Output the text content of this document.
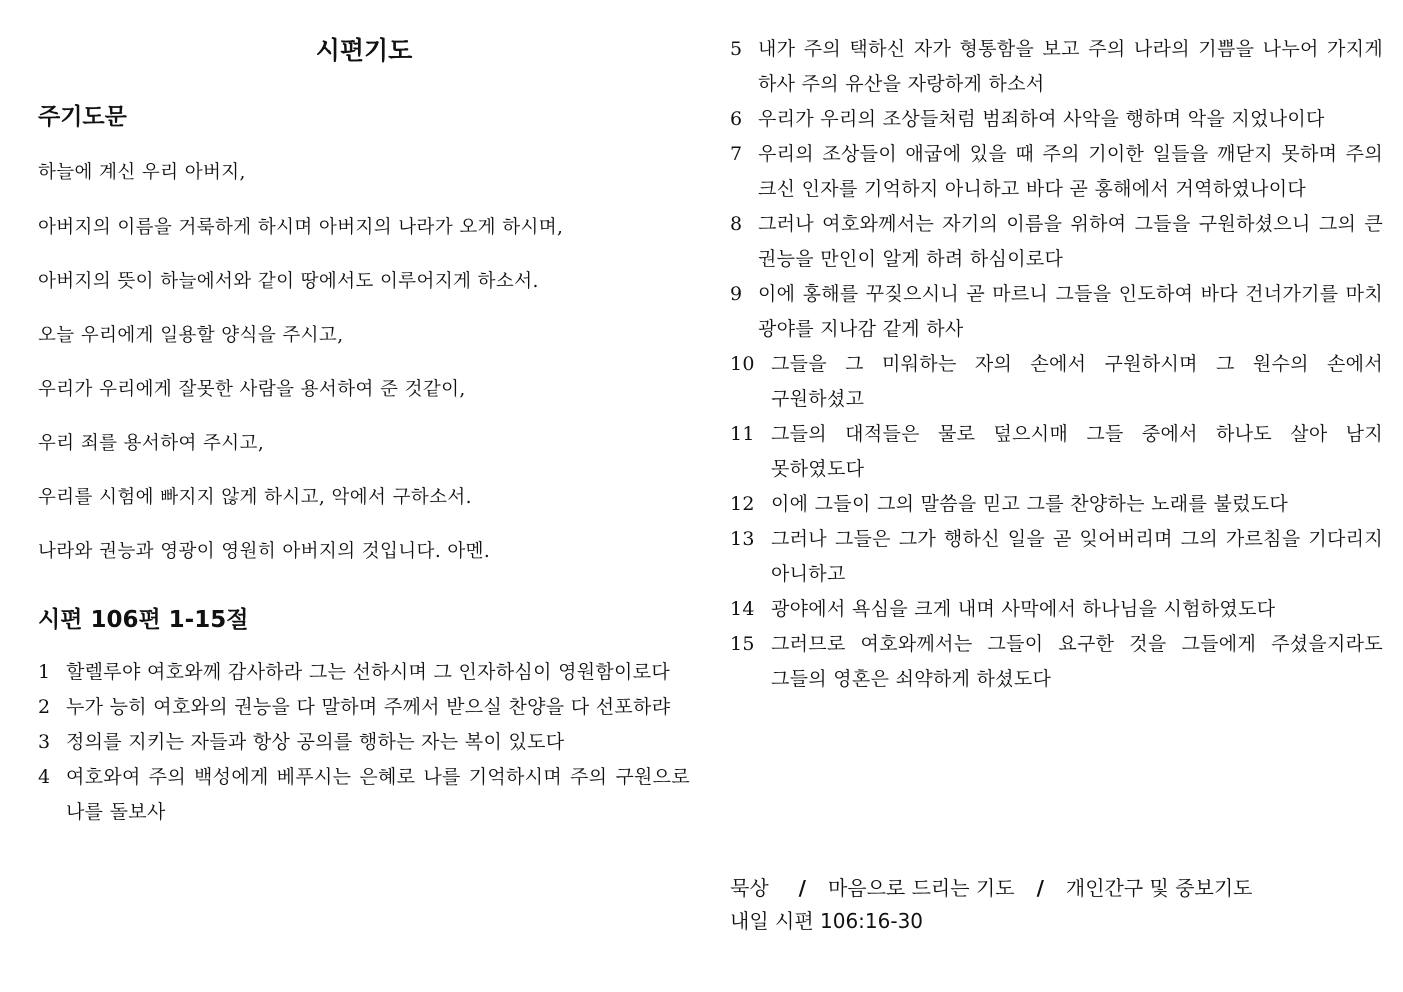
시편기도
주기도문

하늘에 계신 우리 아버지,

아버지의 이름을 거룩하게 하시며 아버지의 나라가 오게 하시며,

아버지의 뜻이 하늘에서와 같이 땅에서도 이루어지게 하소서.

오늘 우리에게 일용할 양식을 주시고,

우리가 우리에게 잘못한 사람을 용서하여 준 것같이,

우리 죄를 용서하여 주시고,

우리를 시험에 빠지지 않게 하시고, 악에서 구하소서.

나라와 권능과 영광이 영원히 아버지의 것입니다. 아멘.

시편 106편 1-15절
1 할렐루야 여호와께 감사하라 그는 선하시며 그 인자하심이 영원함이로다
2 누가 능히 여호와의 권능을 다 말하며 주께서 받으실 찬양을 다 선포하랴
3 정의를 지키는 자들과 항상 공의를 행하는 자는 복이 있도다
4 여호와여 주의 백성에게 베푸시는 은혜로 나를 기억하시며 주의 구원으로 나를 돌보사
5 내가 주의 택하신 자가 형통함을 보고 주의 나라의 기쁨을 나누어 가지게 하사 주의 유산을 자랑하게 하소서
6 우리가 우리의 조상들처럼 범죄하여 사악을 행하며 악을 지었나이다
7 우리의 조상들이 애굽에 있을 때 주의 기이한 일들을 깨닫지 못하며 주의 크신 인자를 기억하지 아니하고 바다 곧 홍해에서 거역하였나이다
8 그러나 여호와께서는 자기의 이름을 위하여 그들을 구원하셨으니 그의 큰 권능을 만인이 알게 하려 하심이로다
9 이에 홍해를 꾸짖으시니 곧 마르니 그들을 인도하여 바다 건너가기를 마치 광야를 지나감 같게 하사
10 그들을 그 미워하는 자의 손에서 구원하시며 그 원수의 손에서 구원하셨고
11 그들의 대적들은 물로 덮으시매 그들 중에서 하나도 살아 남지 못하였도다
12 이에 그들이 그의 말씀을 믿고 그를 찬양하는 노래를 불렀도다
13 그러나 그들은 그가 행하신 일을 곧 잊어버리며 그의 가르침을 기다리지 아니하고
14 광야에서 욕심을 크게 내며 사막에서 하나님을 시험하였도다
15 그러므로 여호와께서는 그들이 요구한 것을 그들에게 주셨을지라도 그들의 영혼은 쇠약하게 하셨도다
묵상	/	마음으로 드리는 기도	/	개인간구 및 중보기도
내일 시편 106:16-30
